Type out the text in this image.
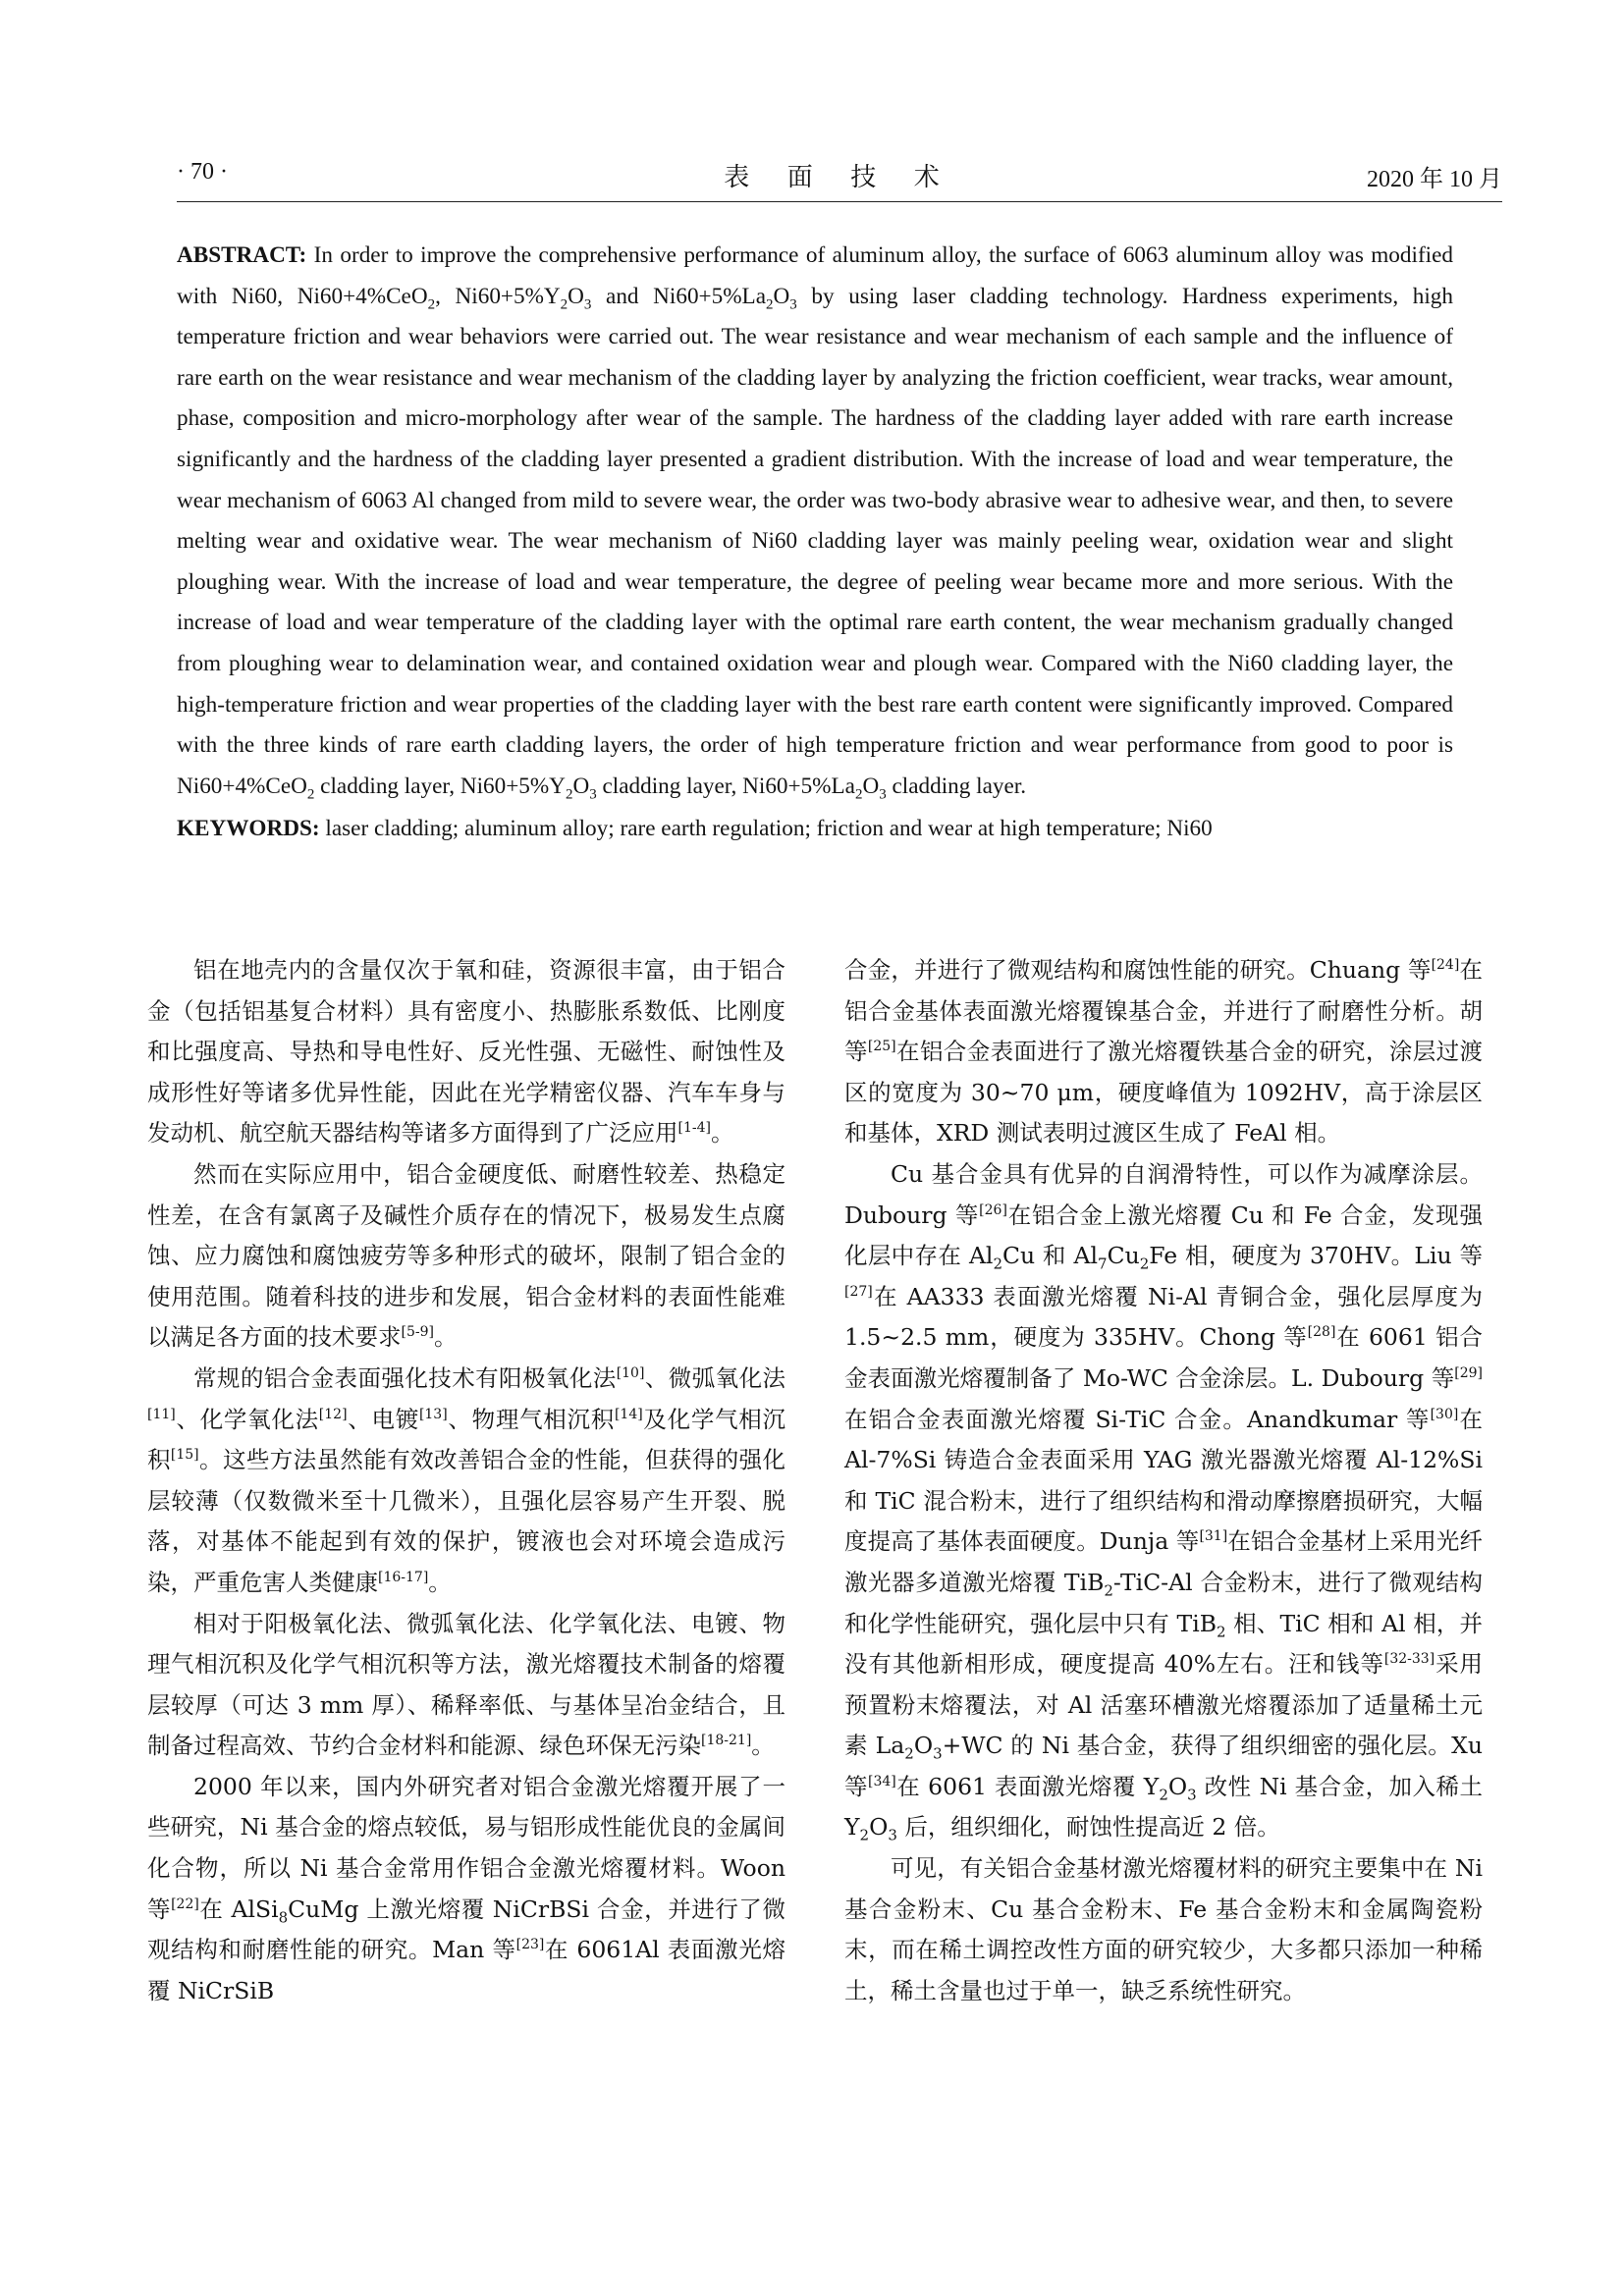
· 70 ·	表 面 技 术	2020 年 10 月

ABSTRACT: In order to improve the comprehensive performance of aluminum alloy, the surface of 6063 aluminum alloy was modified with Ni60, Ni60+4%CeO$_2$, $Ni60+5\%Y_2O_3$ and $Ni60+5\%La_2O_3$ by using laser cladding technology. Hardness experiments, high temperature friction and wear behaviors were carried out. The wear resistance and wear mechanism of each sample and the influence of rare earth on the wear resistance and wear mechanism of the cladding layer by analyzing the friction coefficient, wear tracks, wear amount, phase, composition and micro-morphology after wear of the sample. The hardness of the cladding layer added with rare earth increase significantly and the hardness of the cladding layer presented a gradient distribution. With the increase of load and wear temperature, the wear mechanism of 6063 Al changed from mild to severe wear, the order was two-body abrasive wear to adhesive wear, and then, to severe melting wear and oxidative wear. The wear mechanism of Ni60 cladding layer was mainly peeling wear, oxidation wear and slight ploughing wear. With the increase of load and wear temperature, the degree of peeling wear became more and more serious. With the increase of load and wear temperature of the cladding layer with the optimal rare earth content, the wear mechanism gradually changed from ploughing wear to delamination wear, and contained oxidation wear and plough wear. Compared with the Ni60 cladding layer, the high-temperature friction and wear properties of the cladding layer with the best rare earth content were significantly improved. Compared with the three kinds of rare earth cladding layers, the order of high temperature friction and wear performance from good to poor is Ni60+4%CeO$_2$ cladding layer, $Ni60+5\%Y_2O_3$ cladding layer, $Ni60+5\%La_2O_3$ cladding layer.

KEYWORDS: laser cladding; aluminum alloy; rare earth regulation; friction and wear at high temperature; Ni60

铝在地壳内的含量仅次于氧和硅，资源很丰富，由于铝合金（包括铝基复合材料）具有密度小、热膨胀系数低、比刚度和比强度高、导热和导电性好、反光性强、无磁性、耐蚀性及成形性好等诸多优异性能，因此在光学精密仪器、汽车车身与发动机、航空航天器结构等诸多方面得到了广泛应用[1-4]。

然而在实际应用中，铝合金硬度低、耐磨性较差、热稳定性差，在含有氯离子及碱性介质存在的情况下，极易发生点腐蚀、应力腐蚀和腐蚀疲劳等多种形式的破坏，限制了铝合金的使用范围。随着科技的进步和发展，铝合金材料的表面性能难以满足各方面的技术要求[5-9]。

常规的铝合金表面强化技术有阳极氧化法[10]、微弧氧化法[11]、化学氧化法[12]、电镀[13]、物理气相沉积[14]及化学气相沉积[15]。这些方法虽然能有效改善铝合金的性能，但获得的强化层较薄（仅数微米至十几微米），且强化层容易产生开裂、脱落，对基体不能起到有效的保护，镀液也会对环境会造成污染，严重危害人类健康[16-17]。

相对于阳极氧化法、微弧氧化法、化学氧化法、电镀、物理气相沉积及化学气相沉积等方法，激光熔覆技术制备的熔覆层较厚（可达 3 mm 厚）、稀释率低、与基体呈冶金结合，且制备过程高效、节约合金材料和能源、绿色环保无污染[18-21]。

2000 年以来，国内外研究者对铝合金激光熔覆开展了一些研究，Ni 基合金的熔点较低，易与铝形成性能优良的金属间化合物，所以 Ni 基合金常用作铝合金激光熔覆材料。Woon 等[22]在 AlSi$_8$CuMg 上激光熔覆 NiCrBSi 合金，并进行了微观结构和耐磨性能的研究。Man 等[23]在 6061Al 表面激光熔覆 NiCrSiB

合金，并进行了微观结构和腐蚀性能的研究。Chuang 等[24]在铝合金基体表面激光熔覆镍基合金，并进行了耐磨性分析。胡等[25]在铝合金表面进行了激光熔覆铁基合金的研究，涂层过渡区的宽度为 30~70 μm，硬度峰值为 1092HV，高于涂层区和基体，XRD 测试表明过渡区生成了 FeAl 相。

Cu 基合金具有优异的自润滑特性，可以作为减摩涂层。Dubourg 等[26]在铝合金上激光熔覆 Cu 和 Fe 合金，发现强化层中存在 $Al_2Cu$ 和 $Al_7Cu_2Fe$ 相，硬度为 370HV。Liu 等[27]在 AA333 表面激光熔覆 Ni-Al 青铜合金，强化层厚度为 1.5~2.5 mm，硬度为 335HV。Chong 等[28]在 6061 铝合金表面激光熔覆制备了 Mo-WC 合金涂层。L. Dubourg 等[29]在铝合金表面激光熔覆 Si-TiC 合金。Anandkumar 等[30]在 Al-7%Si 铸造合金表面采用 YAG 激光器激光熔覆 Al-12%Si 和 TiC 混合粉末，进行了组织结构和滑动摩擦磨损研究，大幅度提高了基体表面硬度。Dunja 等[31]在铝合金基材上采用光纤激光器多道激光熔覆 TiB$_2$-TiC-Al 合金粉末，进行了微观结构和化学性能研究，强化层中只有 TiB$_2$ 相、TiC 相和 Al 相，并没有其他新相形成，硬度提高 40%左右。汪和钱等[32-33]采用预置粉末熔覆法，对 Al 活塞环槽激光熔覆添加了适量稀土元素 $La_2O_3+WC$ 的 Ni 基合金，获得了组织细密的强化层。Xu 等[34]在 6061 表面激光熔覆 $Y_2O_3$ 改性 Ni 基合金，加入稀土 $Y_2O_3$ 后，组织细化，耐蚀性提高近 2 倍。

可见，有关铝合金基材激光熔覆材料的研究主要集中在 Ni 基合金粉末、Cu 基合金粉末、Fe 基合金粉末和金属陶瓷粉末，而在稀土调控改性方面的研究较少，大多都只添加一种稀土，稀土含量也过于单一，缺乏系统性研究。
